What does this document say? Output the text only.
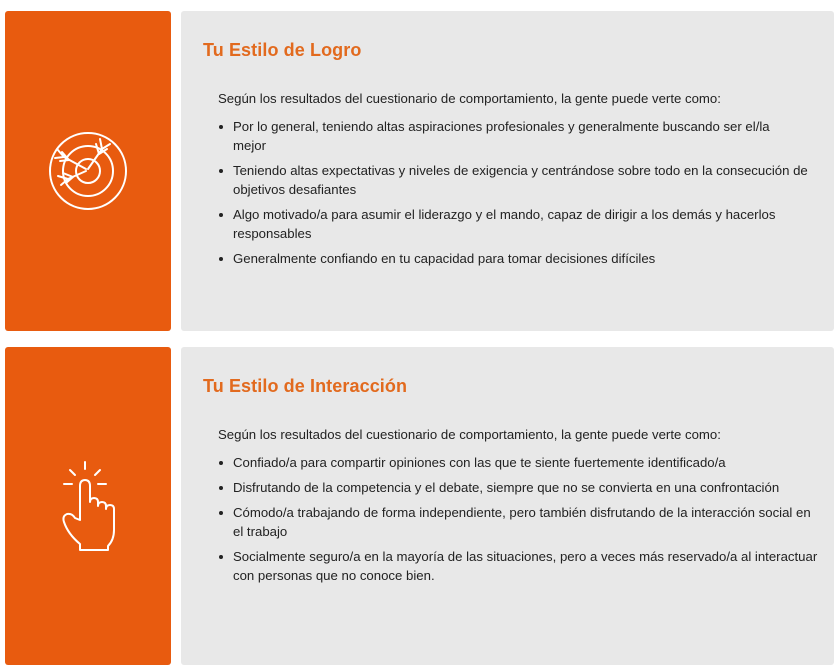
Tu Estilo de Logro

Según los resultados del cuestionario de comportamiento, la gente puede verte como:

Por lo general, teniendo altas aspiraciones profesionales y generalmente buscando ser el/la mejor
Teniendo altas expectativas y niveles de exigencia y centrándose sobre todo en la consecución de objetivos desafiantes
Algo motivado/a para asumir el liderazgo y el mando, capaz de dirigir a los demás y hacerlos responsables
Generalmente confiando en tu capacidad para tomar decisiones difíciles
Tu Estilo de Interacción

Según los resultados del cuestionario de comportamiento, la gente puede verte como:

Confiado/a para compartir opiniones con las que te siente fuertemente identificado/a
Disfrutando de la competencia y el debate, siempre que no se convierta en una confrontación
Cómodo/a trabajando de forma independiente, pero también disfrutando de la interacción social en el trabajo
Socialmente seguro/a en la mayoría de las situaciones, pero a veces más reservado/a al interactuar con personas que no conoce bien.
